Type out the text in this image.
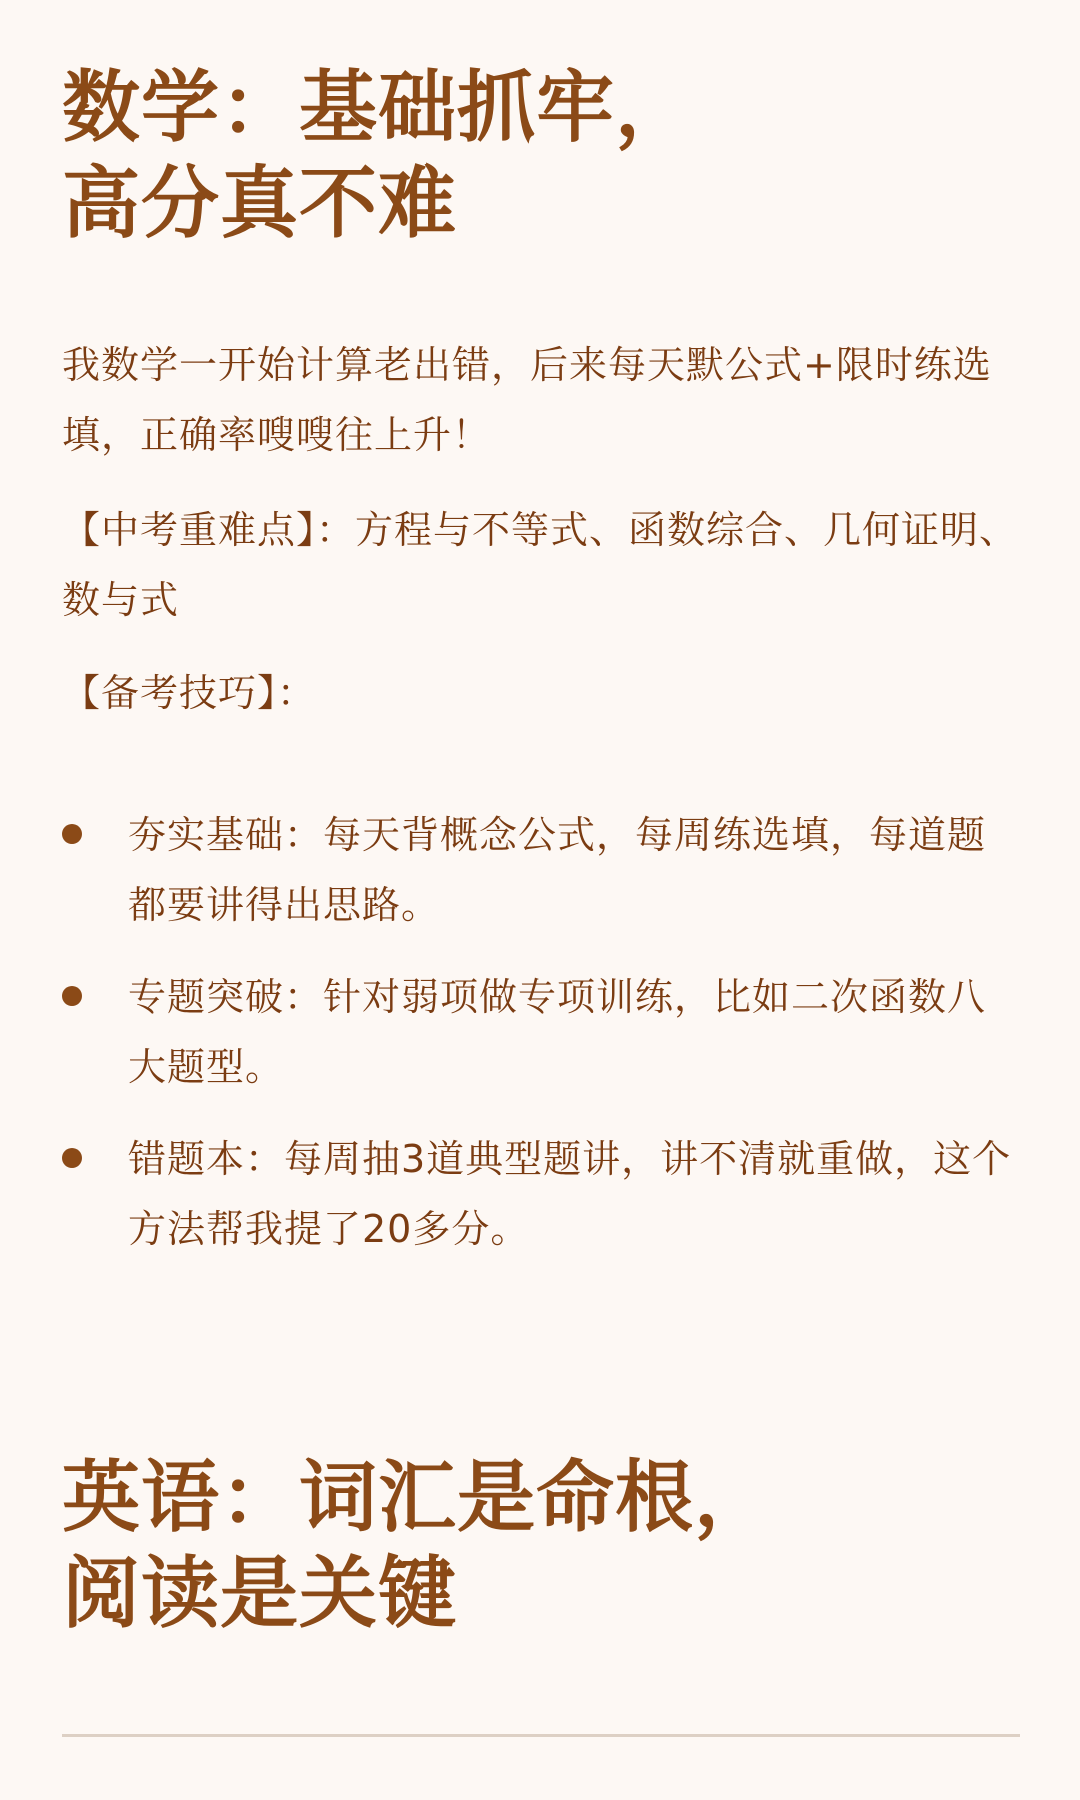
数学：基础抓牢，
高分真不难

我数学一开始计算老出错，后来每天默公式+限时练选填，正确率嗖嗖往上升！

【中考重难点】：方程与不等式、函数综合、几何证明、数与式

【备考技巧】：

夯实基础：每天背概念公式，每周练选填，每道题都要讲得出思路。
专题突破：针对弱项做专项训练，比如二次函数八大题型。
错题本：每周抽3道典型题讲，讲不清就重做，这个方法帮我提了20多分。
英语：词汇是命根，
阅读是关键
